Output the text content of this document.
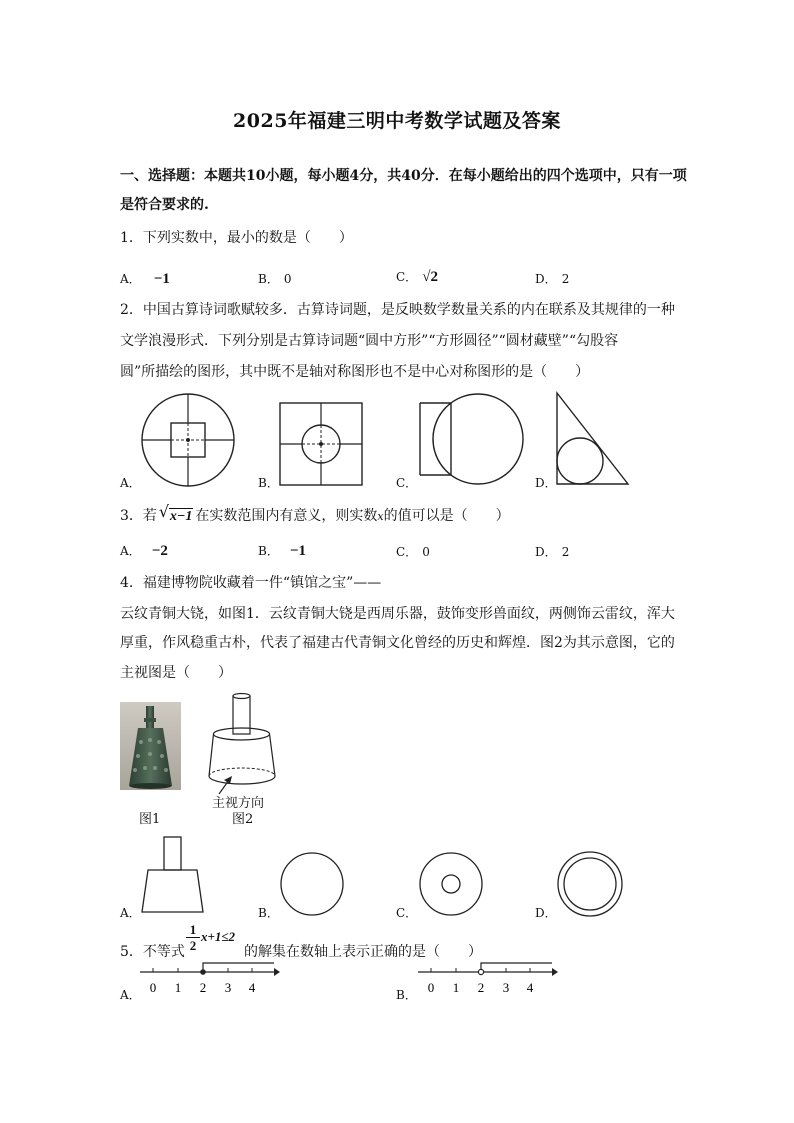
2025年福建三明中考数学试题及答案
一、选择题：本题共10小题，每小题4分，共40分．在每小题给出的四个选项中，只有一项
是符合要求的.
1．下列实数中，最小的数是（　　）
A． −1	B． 0	C． √2	D． 2
2．中国古算诗词歌赋较多．古算诗词题，是反映数学数量关系的内在联系及其规律的一种
文学浪漫形式．下列分别是古算诗词题“圆中方形”“方形圆径”“圆材藏壁”“勾股容
圆”所描绘的图形，其中既不是轴对称图形也不是中心对称图形的是（　　）
A．	B．	C．	D．
3．若 √ x−1 在实数范围内有意义，则实数x的值可以是（　　）
A． −2	B． −1	C． 0	D． 2
4．福建博物院收藏着一件“镇馆之宝”——
云纹青铜大铙，如图1．云纹青铜大铙是西周乐器，鼓饰变形兽面纹，两侧饰云雷纹，浑大
厚重，作风稳重古朴，代表了福建古代青铜文化曾经的历史和辉煌．图2为其示意图，它的
主视图是（　　）
图1
主视方向
图2
A．	B．	C．	D．
5．不等式 $\frac{1}{2} x+1\le 2$
的解集在数轴上表示正确的是（　　）
0 1 2 3 4
A．	0 1 2 3 4
B．
